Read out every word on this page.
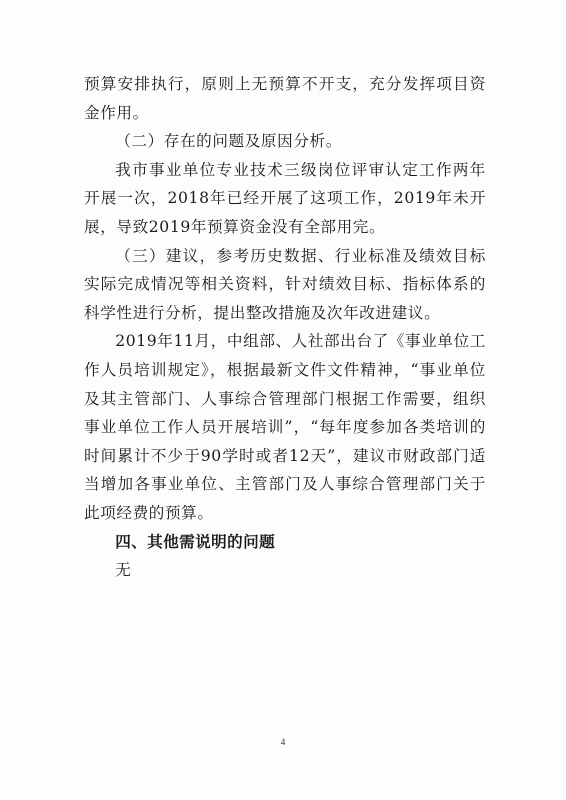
预算安排执行，原则上无预算不开支，充分发挥项目资金作用。

（二）存在的问题及原因分析。

我市事业单位专业技术三级岗位评审认定工作两年开展一次，2018年已经开展了这项工作，2019年未开展，导致2019年预算资金没有全部用完。

（三）建议，参考历史数据、行业标准及绩效目标实际完成情况等相关资料，针对绩效目标、指标体系的科学性进行分析，提出整改措施及次年改进建议。

2019年11月，中组部、人社部出台了《事业单位工作人员培训规定》，根据最新文件文件精神，“事业单位及其主管部门、人事综合管理部门根据工作需要，组织事业单位工作人员开展培训”，“每年度参加各类培训的时间累计不少于90学时或者12天”，建议市财政部门适当增加各事业单位、主管部门及人事综合管理部门关于此项经费的预算。

四、其他需说明的问题

无

4
